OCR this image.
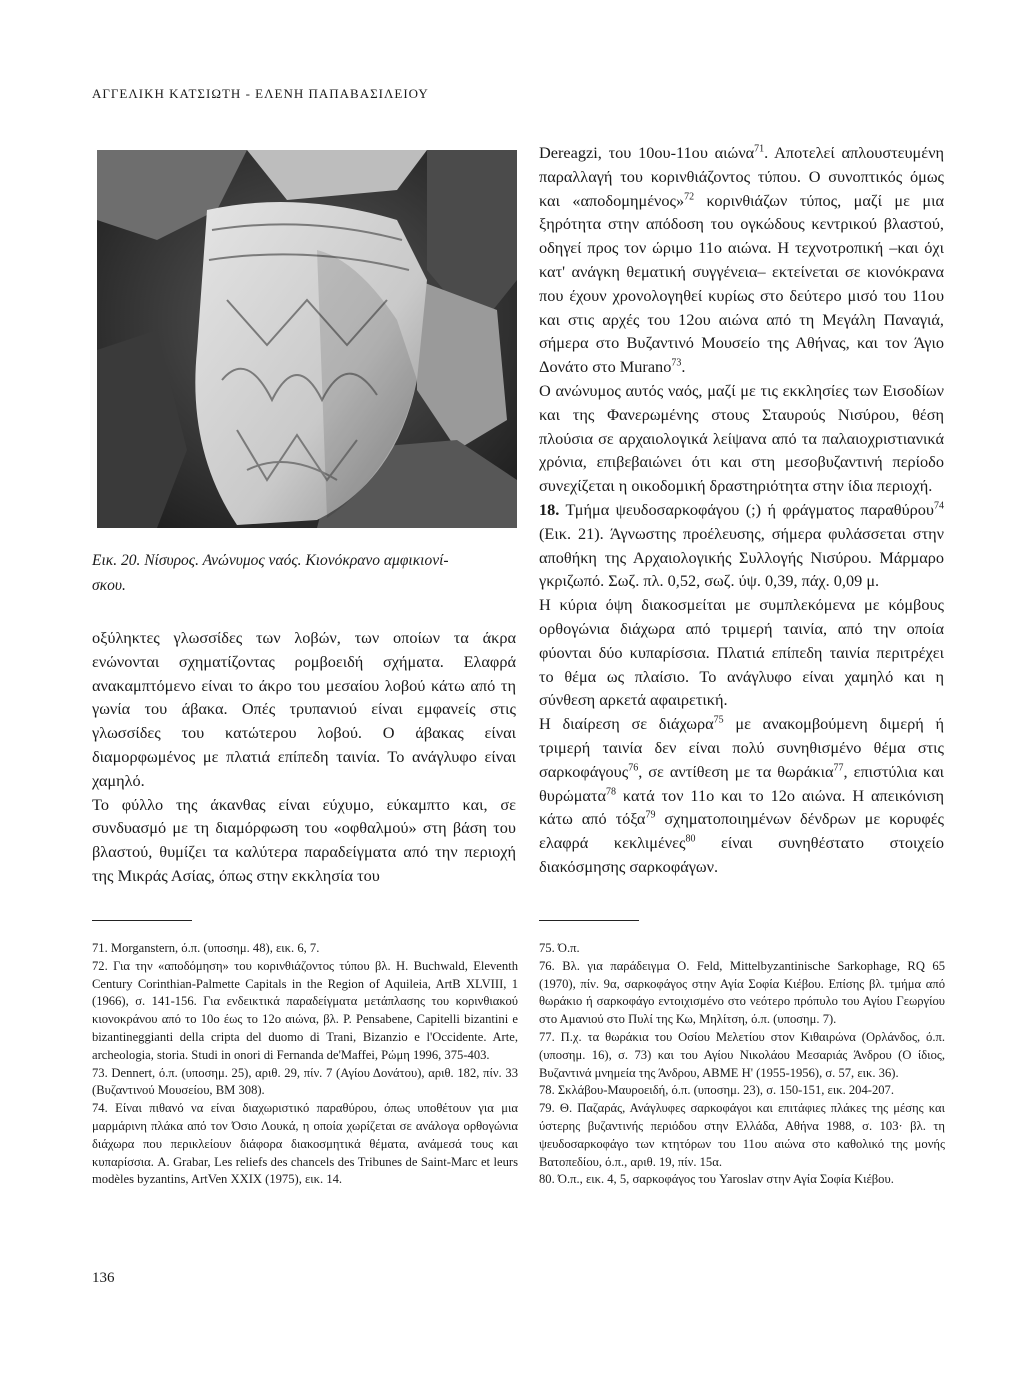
ΑΓΓΕΛΙΚΗ ΚΑΤΣΙΩΤΗ - ΕΛΕΝΗ ΠΑΠΑΒΑΣΙΛΕΙΟΥ
Εικ. 20. Νίσυρος. Ανώνυμος ναός. Κιονόκρανο αμφικιονί-
σκου.

οξύληκτες γλωσσίδες των λοβών, των οποίων τα άκρα ενώνονται σχηματίζοντας ρομβοειδή σχήματα. Ελαφρά ανακαμπτόμενο είναι το άκρο του μεσαίου λοβού κάτω από τη γωνία του άβακα. Οπές τρυπανιού είναι εμφανείς στις γλωσσίδες του κατώτερου λοβού. Ο άβακας είναι διαμορφωμένος με πλατιά επίπεδη ταινία. Το ανάγλυφο είναι χαμηλό.

Το φύλλο της άκανθας είναι εύχυμο, εύκαμπτο και, σε συνδυασμό με τη διαμόρφωση του «οφθαλμού» στη βάση του βλαστού, θυμίζει τα καλύτερα παραδείγματα από την περιοχή της Μικράς Ασίας, όπως στην εκκλησία του

Dereagzi, του 10ου-11ου αιώνα$^{71}$. Αποτελεί απλουστευμένη παραλλαγή του κορινθιάζοντος τύπου. Ο συνοπτικός όμως και «αποδομημένος»$^{72}$ κορινθιάζων τύπος, μαζί με μια ξηρότητα στην απόδοση του ογκώδους κεντρικού βλαστού, οδηγεί προς τον ώριμο 11ο αιώνα. Η τεχνοτροπική –και όχι κατ' ανάγκη θεματική συγγένεια– εκτείνεται σε κιονόκρανα που έχουν χρονολογηθεί κυρίως στο δεύτερο μισό του 11ου και στις αρχές του 12ου αιώνα από τη Μεγάλη Παναγιά, σήμερα στο Βυζαντινό Μουσείο της Αθήνας, και τον Άγιο Δονάτο στο Murano$^{73}$.

Ο ανώνυμος αυτός ναός, μαζί με τις εκκλησίες των Εισοδίων και της Φανερωμένης στους Σταυρούς Νισύρου, θέση πλούσια σε αρχαιολογικά λείψανα από τα παλαιοχριστιανικά χρόνια, επιβεβαιώνει ότι και στη μεσοβυζαντινή περίοδο συνεχίζεται η οικοδομική δραστηριότητα στην ίδια περιοχή.

18. Τμήμα ψευδοσαρκοφάγου (;) ή φράγματος παραθύρου$^{74}$ (Εικ. 21). Άγνωστης προέλευσης, σήμερα φυλάσσεται στην αποθήκη της Αρχαιολογικής Συλλογής Νισύρου. Μάρμαρο γκριζωπό. Σωζ. πλ. 0,52, σωζ. ύψ. 0,39, πάχ. 0,09 μ.

Η κύρια όψη διακοσμείται με συμπλεκόμενα με κόμβους ορθογώνια διάχωρα από τριμερή ταινία, από την οποία φύονται δύο κυπαρίσσια. Πλατιά επίπεδη ταινία περιτρέχει το θέμα ως πλαίσιο. Το ανάγλυφο είναι χαμηλό και η σύνθεση αρκετά αφαιρετική.

Η διαίρεση σε διάχωρα$^{75}$ με ανακομβούμενη διμερή ή τριμερή ταινία δεν είναι πολύ συνηθισμένο θέμα στις σαρκοφάγους$^{76}$, σε αντίθεση με τα θωράκια$^{77}$, επιστύλια και θυρώματα$^{78}$ κατά τον 11ο και το 12ο αιώνα. Η απεικόνιση κάτω από τόξα$^{79}$ σχηματοποιημένων δένδρων με κορυφές ελαφρά κεκλιμένες$^{80}$ είναι συνηθέστατο στοιχείο διακόσμησης σαρκοφάγων.

71. Morganstern, ό.π. (υποσημ. 48), εικ. 6, 7.

72. Για την «αποδόμηση» του κορινθιάζοντος τύπου βλ. H. Buchwald, Eleventh Century Corinthian-Palmette Capitals in the Region of Aquileia, ArtB XLVIII, 1 (1966), σ. 141-156. Για ενδεικτικά παραδείγματα μετάπλασης του κορινθιακού κιονοκράνου από το 10ο έως το 12ο αιώνα, βλ. P. Pensabene, Capitelli bizantini e bizantineggianti della cripta del duomo di Trani, Bizanzio e l'Occidente. Arte, archeologia, storia. Studi in onori di Fernanda de'Maffei, Ρώμη 1996, 375-403.

73. Dennert, ό.π. (υποσημ. 25), αριθ. 29, πίν. 7 (Αγίου Δονάτου), αριθ. 182, πίν. 33 (Βυζαντινού Μουσείου, BM 308).

74. Είναι πιθανό να είναι διαχωριστικό παραθύρου, όπως υποθέτουν για μια μαρμάρινη πλάκα από τον Όσιο Λουκά, η οποία χωρίζεται σε ανάλογα ορθογώνια διάχωρα που περικλείουν διάφορα διακοσμητικά θέματα, ανάμεσά τους και κυπαρίσσια. A. Grabar, Les reliefs des chancels des Tribunes de Saint-Marc et leurs modèles byzantins, ArtVen XXIX (1975), εικ. 14.

75. Ό.π.

76. Βλ. για παράδειγμα O. Feld, Mittelbyzantinische Sarkophage, RQ 65 (1970), πίν. 9α, σαρκοφάγος στην Αγία Σοφία Κιέβου. Επίσης βλ. τμήμα από θωράκιο ή σαρκοφάγο εντοιχισμένο στο νεότερο πρόπυλο του Αγίου Γεωργίου στο Αμανιού στο Πυλί της Κω, Μηλίτση, ό.π. (υποσημ. 7).

77. Π.χ. τα θωράκια του Οσίου Μελετίου στον Κιθαιρώνα (Ορλάνδος, ό.π. (υποσημ. 16), σ. 73) και του Αγίου Νικολάου Μεσαριάς Άνδρου (Ο ίδιος, Βυζαντινά μνημεία της Άνδρου, ΑΒΜΕ Η' (1955-1956), σ. 57, εικ. 36).

78. Σκλάβου-Μαυροειδή, ό.π. (υποσημ. 23), σ. 150-151, εικ. 204-207.

79. Θ. Παζαράς, Ανάγλυφες σαρκοφάγοι και επιτάφιες πλάκες της μέσης και ύστερης βυζαντινής περιόδου στην Ελλάδα, Αθήνα 1988, σ. 103· βλ. τη ψευδοσαρκοφάγο των κτητόρων του 11ου αιώνα στο καθολικό της μονής Βατοπεδίου, ό.π., αριθ. 19, πίν. 15α.

80. Ό.π., εικ. 4, 5, σαρκοφάγος του Yaroslav στην Αγία Σοφία Κιέβου.

136
